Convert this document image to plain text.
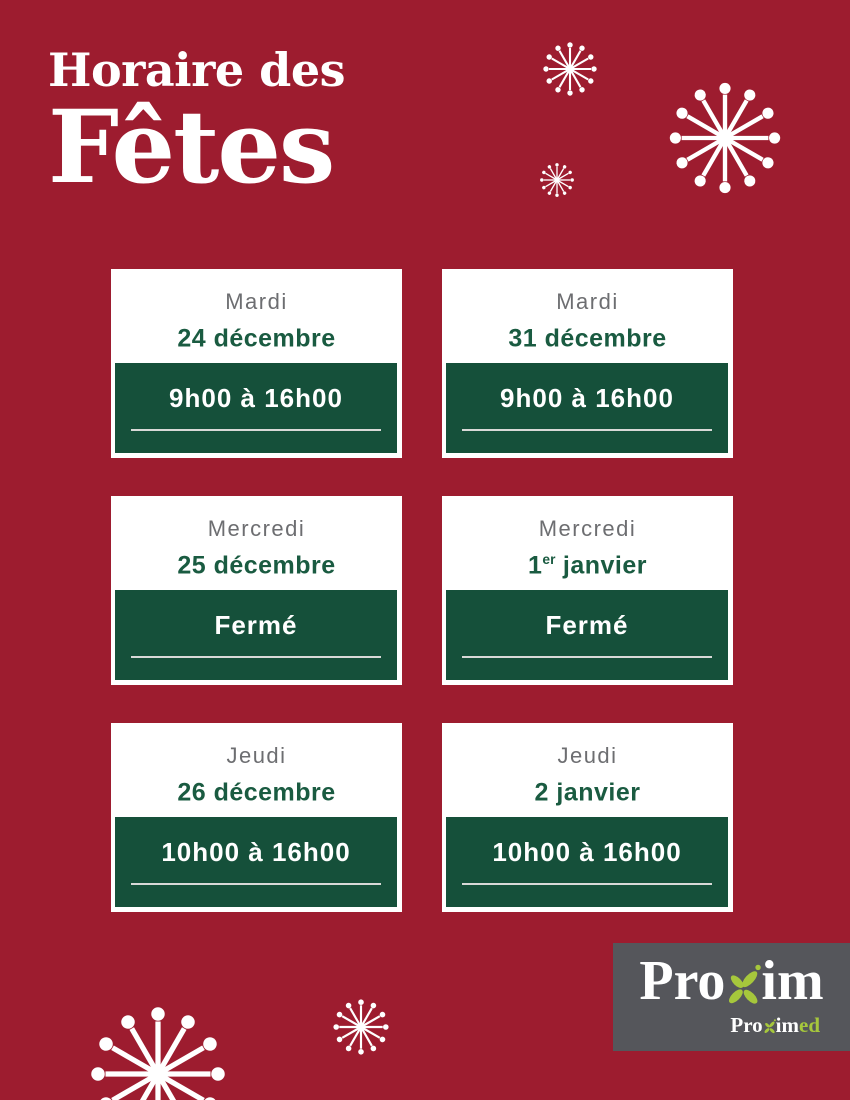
Horaire des
Fêtes
Mardi
24 décembre
9h00 à 16h00
Mardi
31 décembre
9h00 à 16h00
Mercredi
25 décembre
Fermé
Mercredi
1er janvier
Fermé
Jeudi
26 décembre
10h00 à 16h00
Jeudi
2 janvier
10h00 à 16h00
Pro im
Pro imed
